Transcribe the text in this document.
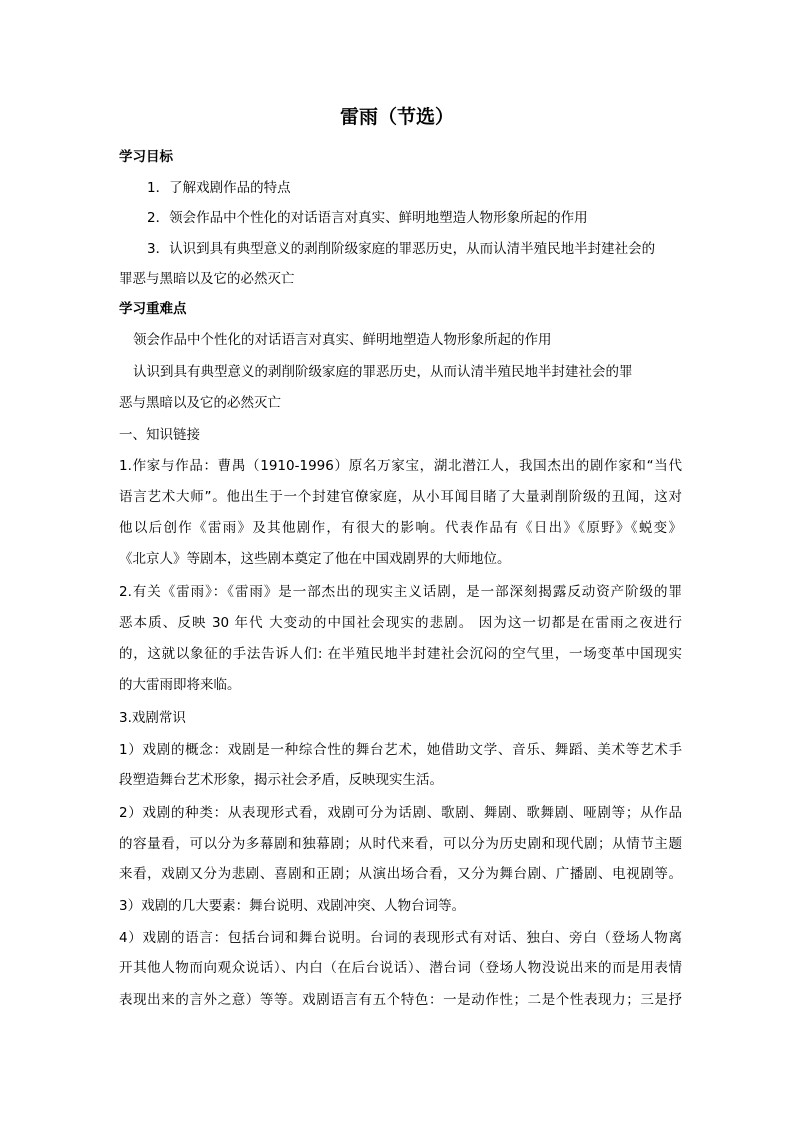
雷雨（节选）
学习目标
1．了解戏剧作品的特点
2．领会作品中个性化的对话语言对真实、鲜明地塑造人物形象所起的作用
3．认识到具有典型意义的剥削阶级家庭的罪恶历史，从而认清半殖民地半封建社会的
罪恶与黑暗以及它的必然灭亡
学习重难点
领会作品中个性化的对话语言对真实、鲜明地塑造人物形象所起的作用
认识到具有典型意义的剥削阶级家庭的罪恶历史，从而认清半殖民地半封建社会的罪
恶与黑暗以及它的必然灭亡
一、知识链接
1.作家与作品：曹禺（1910-1996）原名万家宝，湖北潜江人，我国杰出的剧作家和“当代
语言艺术大师”。他出生于一个封建官僚家庭，从小耳闻目睹了大量剥削阶级的丑闻，这对
他以后创作《雷雨》及其他剧作，有很大的影响。代表作品有《日出》《原野》《蜕变》
《北京人》等剧本，这些剧本奠定了他在中国戏剧界的大师地位。
2.有关《雷雨》：《雷雨》是一部杰出的现实主义话剧，是一部深刻揭露反动资产阶级的罪
恶本质、反映 30 年代 大变动的中国社会现实的悲剧。 因为这一切都是在雷雨之夜进行
的，这就以象征的手法告诉人们: 在半殖民地半封建社会沉闷的空气里，一场变革中国现实
的大雷雨即将来临。
3.戏剧常识
1）戏剧的概念：戏剧是一种综合性的舞台艺术，她借助文学、音乐、舞蹈、美术等艺术手
段塑造舞台艺术形象，揭示社会矛盾，反映现实生活。
2）戏剧的种类：从表现形式看，戏剧可分为话剧、歌剧、舞剧、歌舞剧、哑剧等；从作品
的容量看，可以分为多幕剧和独幕剧；从时代来看，可以分为历史剧和现代剧；从情节主题
来看，戏剧又分为悲剧、喜剧和正剧；从演出场合看，又分为舞台剧、广播剧、电视剧等。
3）戏剧的几大要素：舞台说明、戏剧冲突、人物台词等。
4）戏剧的语言：包括台词和舞台说明。台词的表现形式有对话、独白、旁白（登场人物离
开其他人物而向观众说话）、内白（在后台说话）、潜台词（登场人物没说出来的而是用表情
表现出来的言外之意）等等。戏剧语言有五个特色：一是动作性；二是个性表现力；三是抒
